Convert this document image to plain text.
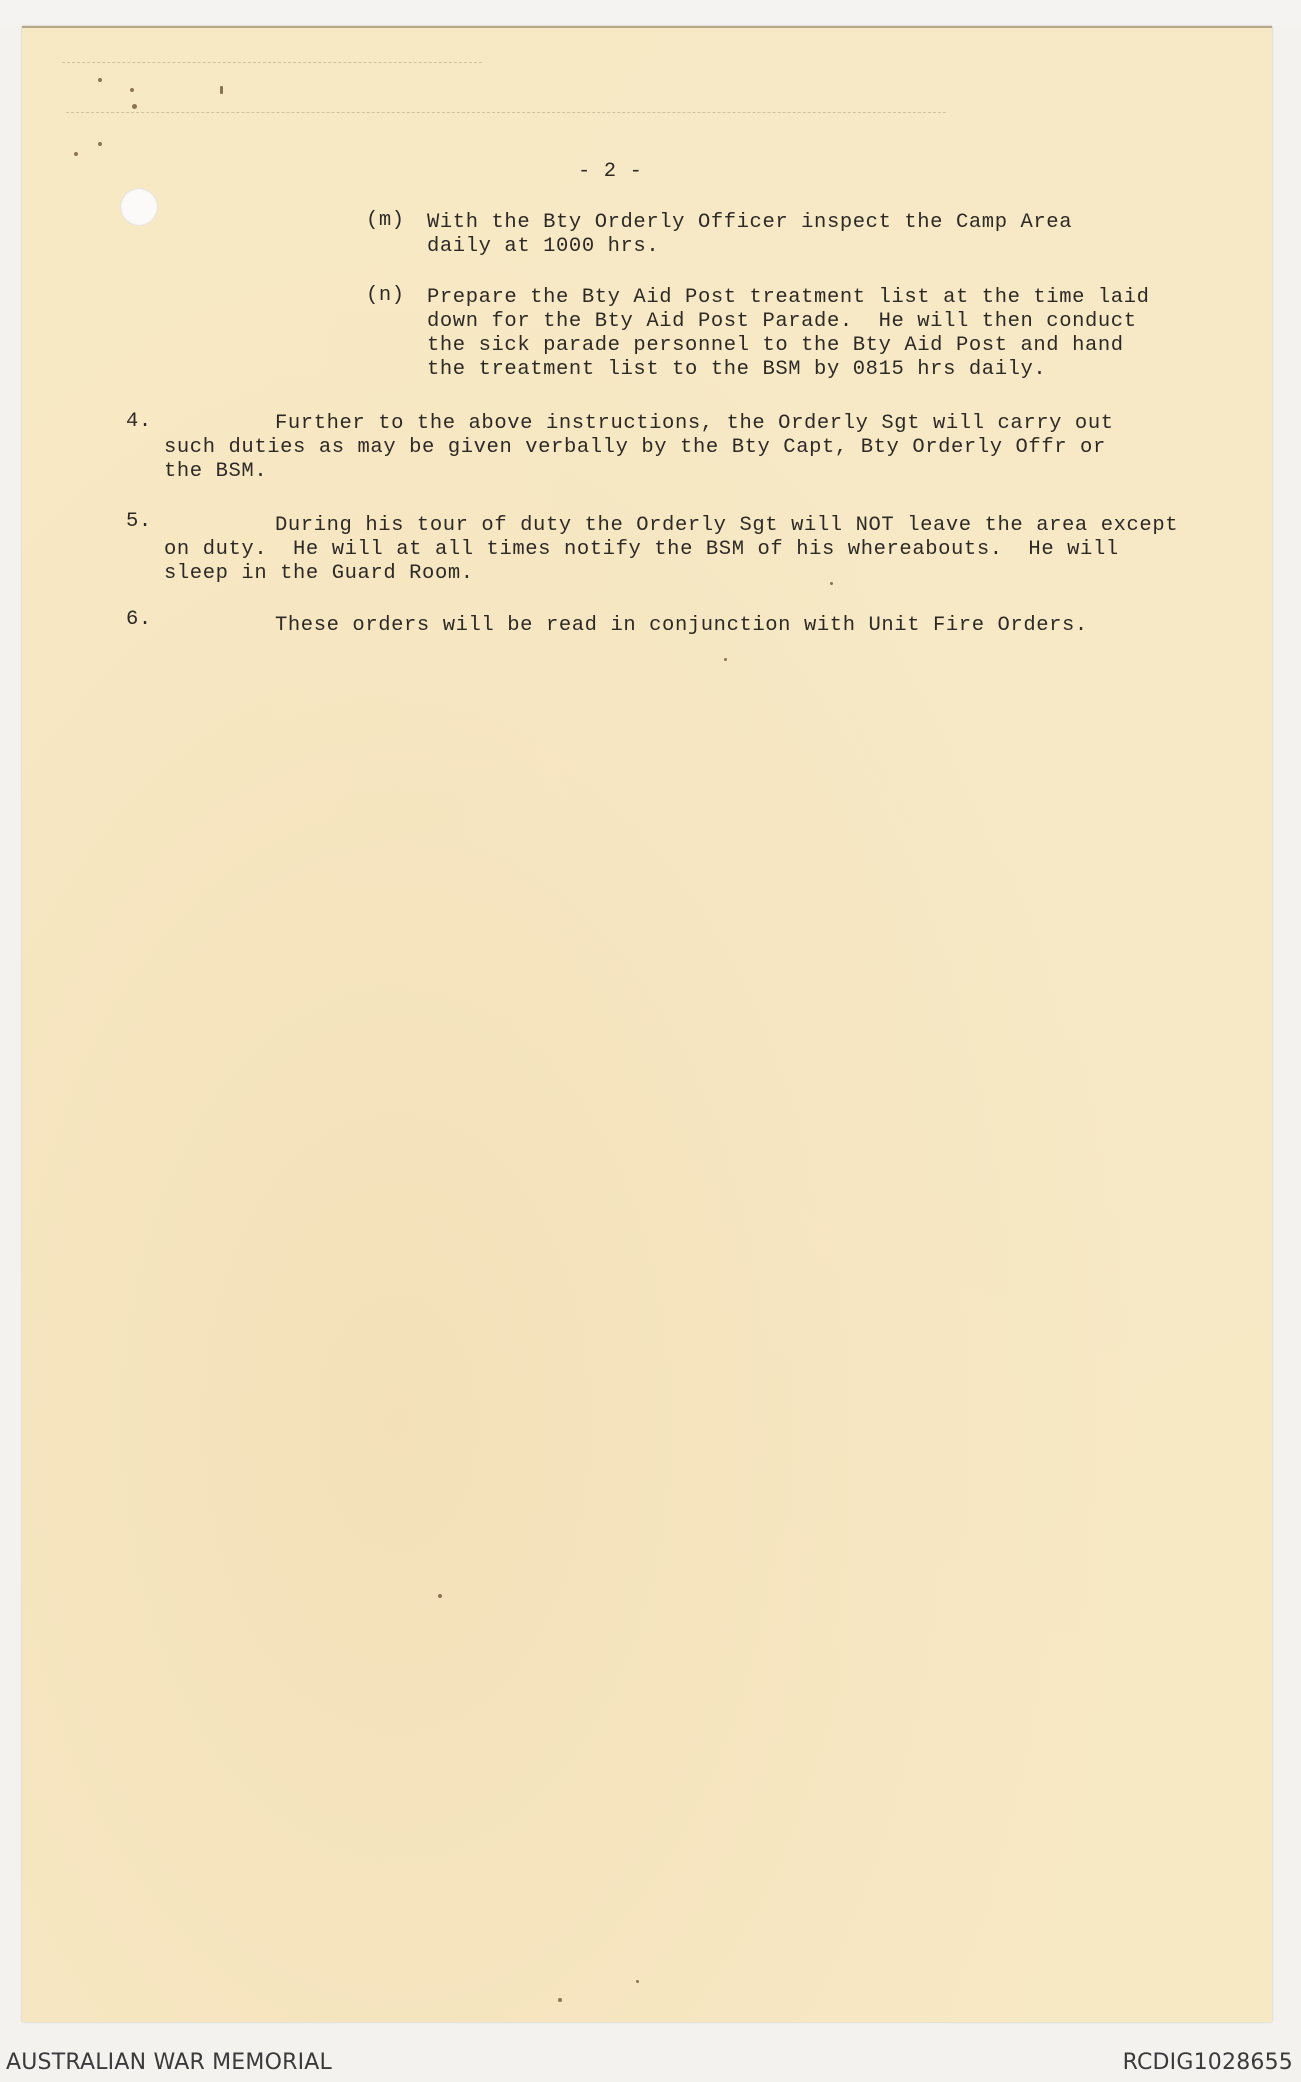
- 2 -
(m) With the Bty Orderly Officer inspect the Camp Area
daily at 1000 hrs.
(n) Prepare the Bty Aid Post treatment list at the time laid
down for the Bty Aid Post Parade.  He will then conduct
the sick parade personnel to the Bty Aid Post and hand
the treatment list to the BSM by 0815 hrs daily.
4.	Further to the above instructions, the Orderly Sgt will carry out
such duties as may be given verbally by the Bty Capt, Bty Orderly Offr or
the BSM.
5.	During his tour of duty the Orderly Sgt will NOT leave the area except
on duty.  He will at all times notify the BSM of his whereabouts.  He will
sleep in the Guard Room.
6.	These orders will be read in conjunction with Unit Fire Orders.
AUSTRALIAN WAR MEMORIAL	RCDIG1028655
